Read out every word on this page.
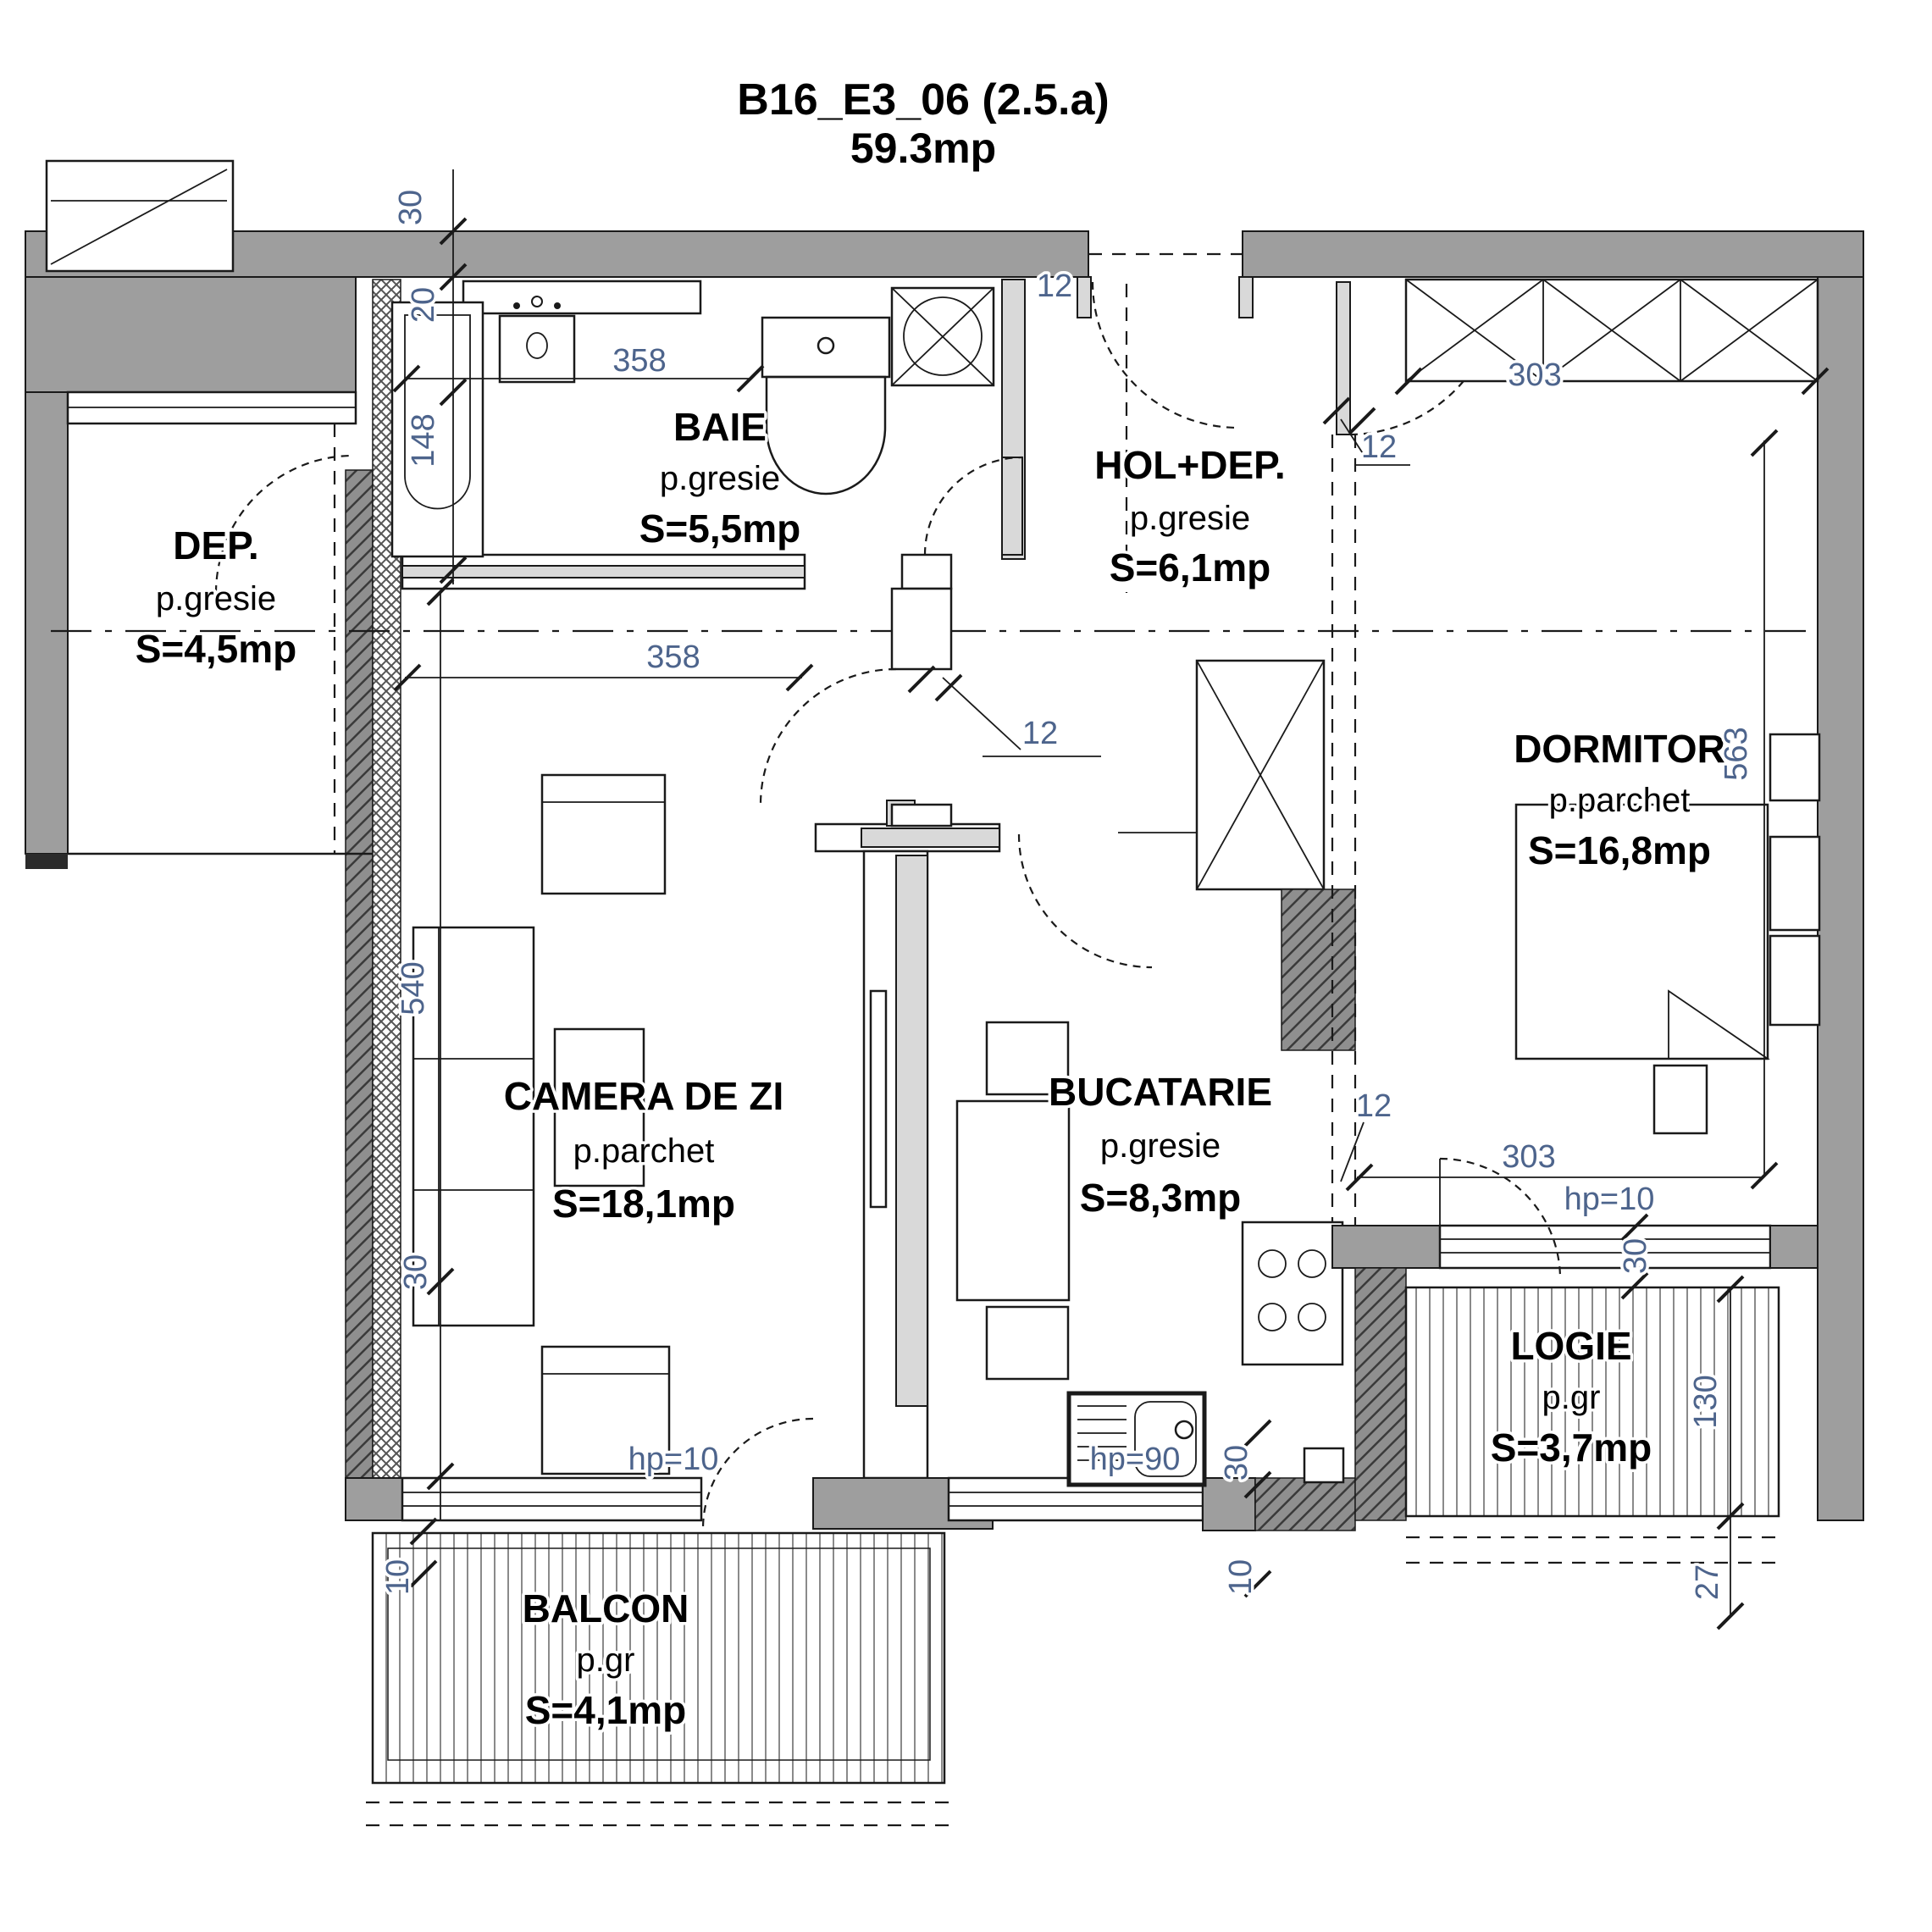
B16_E3_06 (2.5.a)
59.3mp
BAIE
p.gresie
S=5,5mp
HOL+DEP.
p.gresie
S=6,1mp
DEP.
p.gresie
S=4,5mp
CAMERA DE ZI
p.parchet
S=18,1mp
BUCATARIE
p.gresie
S=8,3mp
DORMITOR
p.parchet
S=16,8mp
LOGIE
p.gr
S=3,7mp
BALCON
p.gr
S=4,1mp
30
20
148
358
12
12
358
12
303
563
12
303
hp=10
30
130
27
hp=10	hp=90 30
10
10
540
30
